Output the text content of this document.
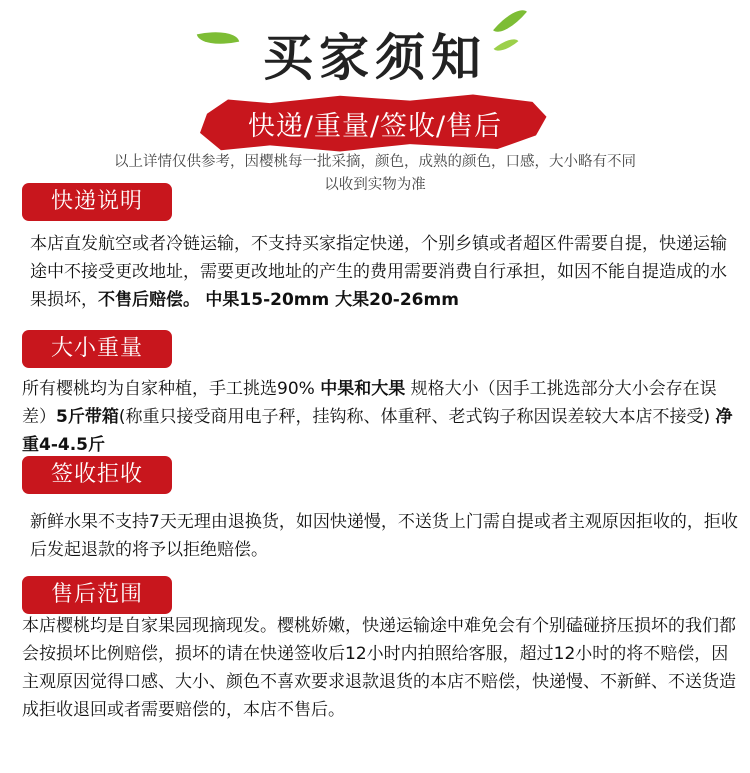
买家须知
快递/重量/签收/售后
以上详情仅供参考，因樱桃每一批采摘，颜色，成熟的颜色，口感，大小略有不同
以收到实物为准
快递说明
本店直发航空或者冷链运输，不支持买家指定快递，个别乡镇或者超区件需要自提，快递运输途中不接受更改地址，需要更改地址的产生的费用需要消费自行承担，如因不能自提造成的水果损坏，不售后赔偿。 中果15-20mm 大果20-26mm
大小重量
所有樱桃均为自家种植，手工挑选90% 中果和大果 规格大小（因手工挑选部分大小会存在误差）5斤带箱(称重只接受商用电子秤，挂钩称、体重秤、老式钩子称因误差较大本店不接受) 净重4-4.5斤
签收拒收
新鲜水果不支持7天无理由退换货，如因快递慢，不送货上门需自提或者主观原因拒收的，拒收后发起退款的将予以拒绝赔偿。
售后范围
本店樱桃均是自家果园现摘现发。樱桃娇嫩，快递运输途中难免会有个别磕碰挤压损坏的我们都会按损坏比例赔偿，损坏的请在快递签收后12小时内拍照给客服，超过12小时的将不赔偿，因主观原因觉得口感、大小、颜色不喜欢要求退款退货的本店不赔偿，快递慢、不新鲜、不送货造成拒收退回或者需要赔偿的，本店不售后。
